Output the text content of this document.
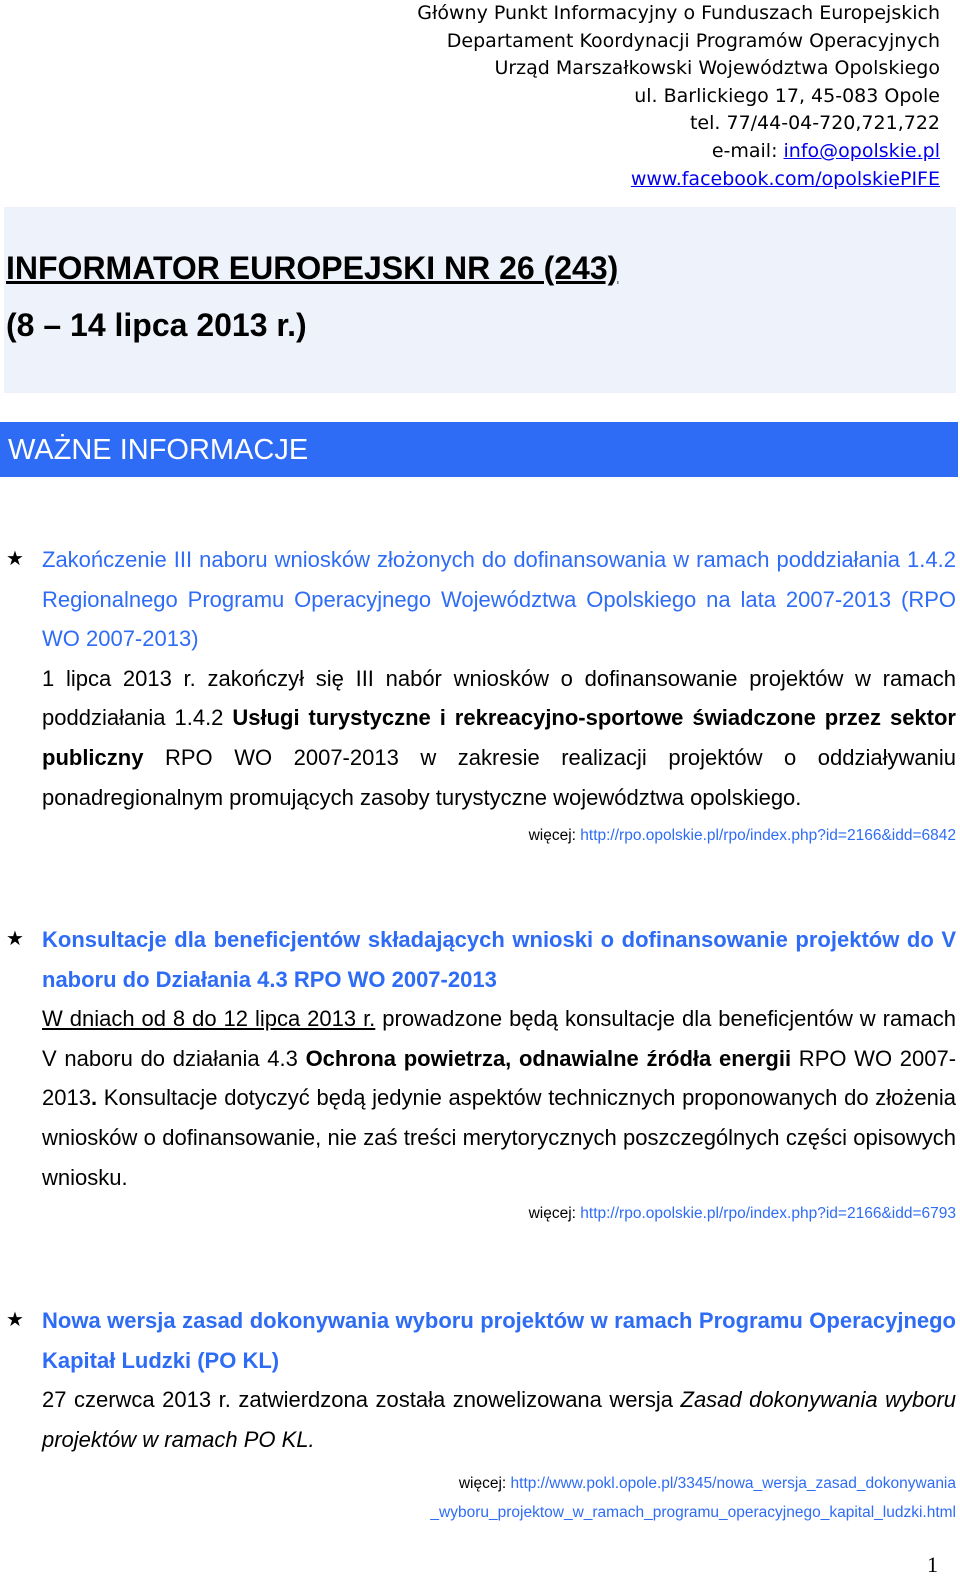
Główny Punkt Informacyjny o Funduszach Europejskich
Departament Koordynacji Programów Operacyjnych
Urząd Marszałkowski Województwa Opolskiego
ul. Barlickiego 17, 45-083 Opole
tel. 77/44-04-720,721,722
e-mail: info@opolskie.pl
www.facebook.com/opolskiePIFE
INFORMATOR EUROPEJSKI NR 26 (243)
(8 – 14 lipca 2013 r.)
WAŻNE INFORMACJE
★ Zakończenie III naboru wniosków złożonych do dofinansowania w ramach poddziałania 1.4.2 Regionalnego Programu Operacyjnego Województwa Opolskiego na lata 2007-2013 (RPO WO 2007-2013)
1 lipca 2013 r. zakończył się III nabór wniosków o dofinansowanie projektów w ramach poddziałania 1.4.2 Usługi turystyczne i rekreacyjno-sportowe świadczone przez sektor publiczny RPO WO 2007-2013 w zakresie realizacji projektów o oddziaływaniu ponadregionalnym promujących zasoby turystyczne województwa opolskiego.
więcej: http://rpo.opolskie.pl/rpo/index.php?id=2166&idd=6842
★ Konsultacje dla beneficjentów składających wnioski o dofinansowanie projektów do V naboru do Działania 4.3 RPO WO 2007-2013
W dniach od 8 do 12 lipca 2013 r. prowadzone będą konsultacje dla beneficjentów w ramach V naboru do działania 4.3 Ochrona powietrza, odnawialne źródła energii RPO WO 2007-2013. Konsultacje dotyczyć będą jedynie aspektów technicznych proponowanych do złożenia wniosków o dofinansowanie, nie zaś treści merytorycznych poszczególnych części opisowych wniosku.
więcej: http://rpo.opolskie.pl/rpo/index.php?id=2166&idd=6793
★ Nowa wersja zasad dokonywania wyboru projektów w ramach Programu Operacyjnego Kapitał Ludzki (PO KL)
27 czerwca 2013 r. zatwierdzona została znowelizowana wersja Zasad dokonywania wyboru projektów w ramach PO KL.
więcej: http://www.pokl.opole.pl/3345/nowa_wersja_zasad_dokonywania
_wyboru_projektow_w_ramach_programu_operacyjnego_kapital_ludzki.html
1
